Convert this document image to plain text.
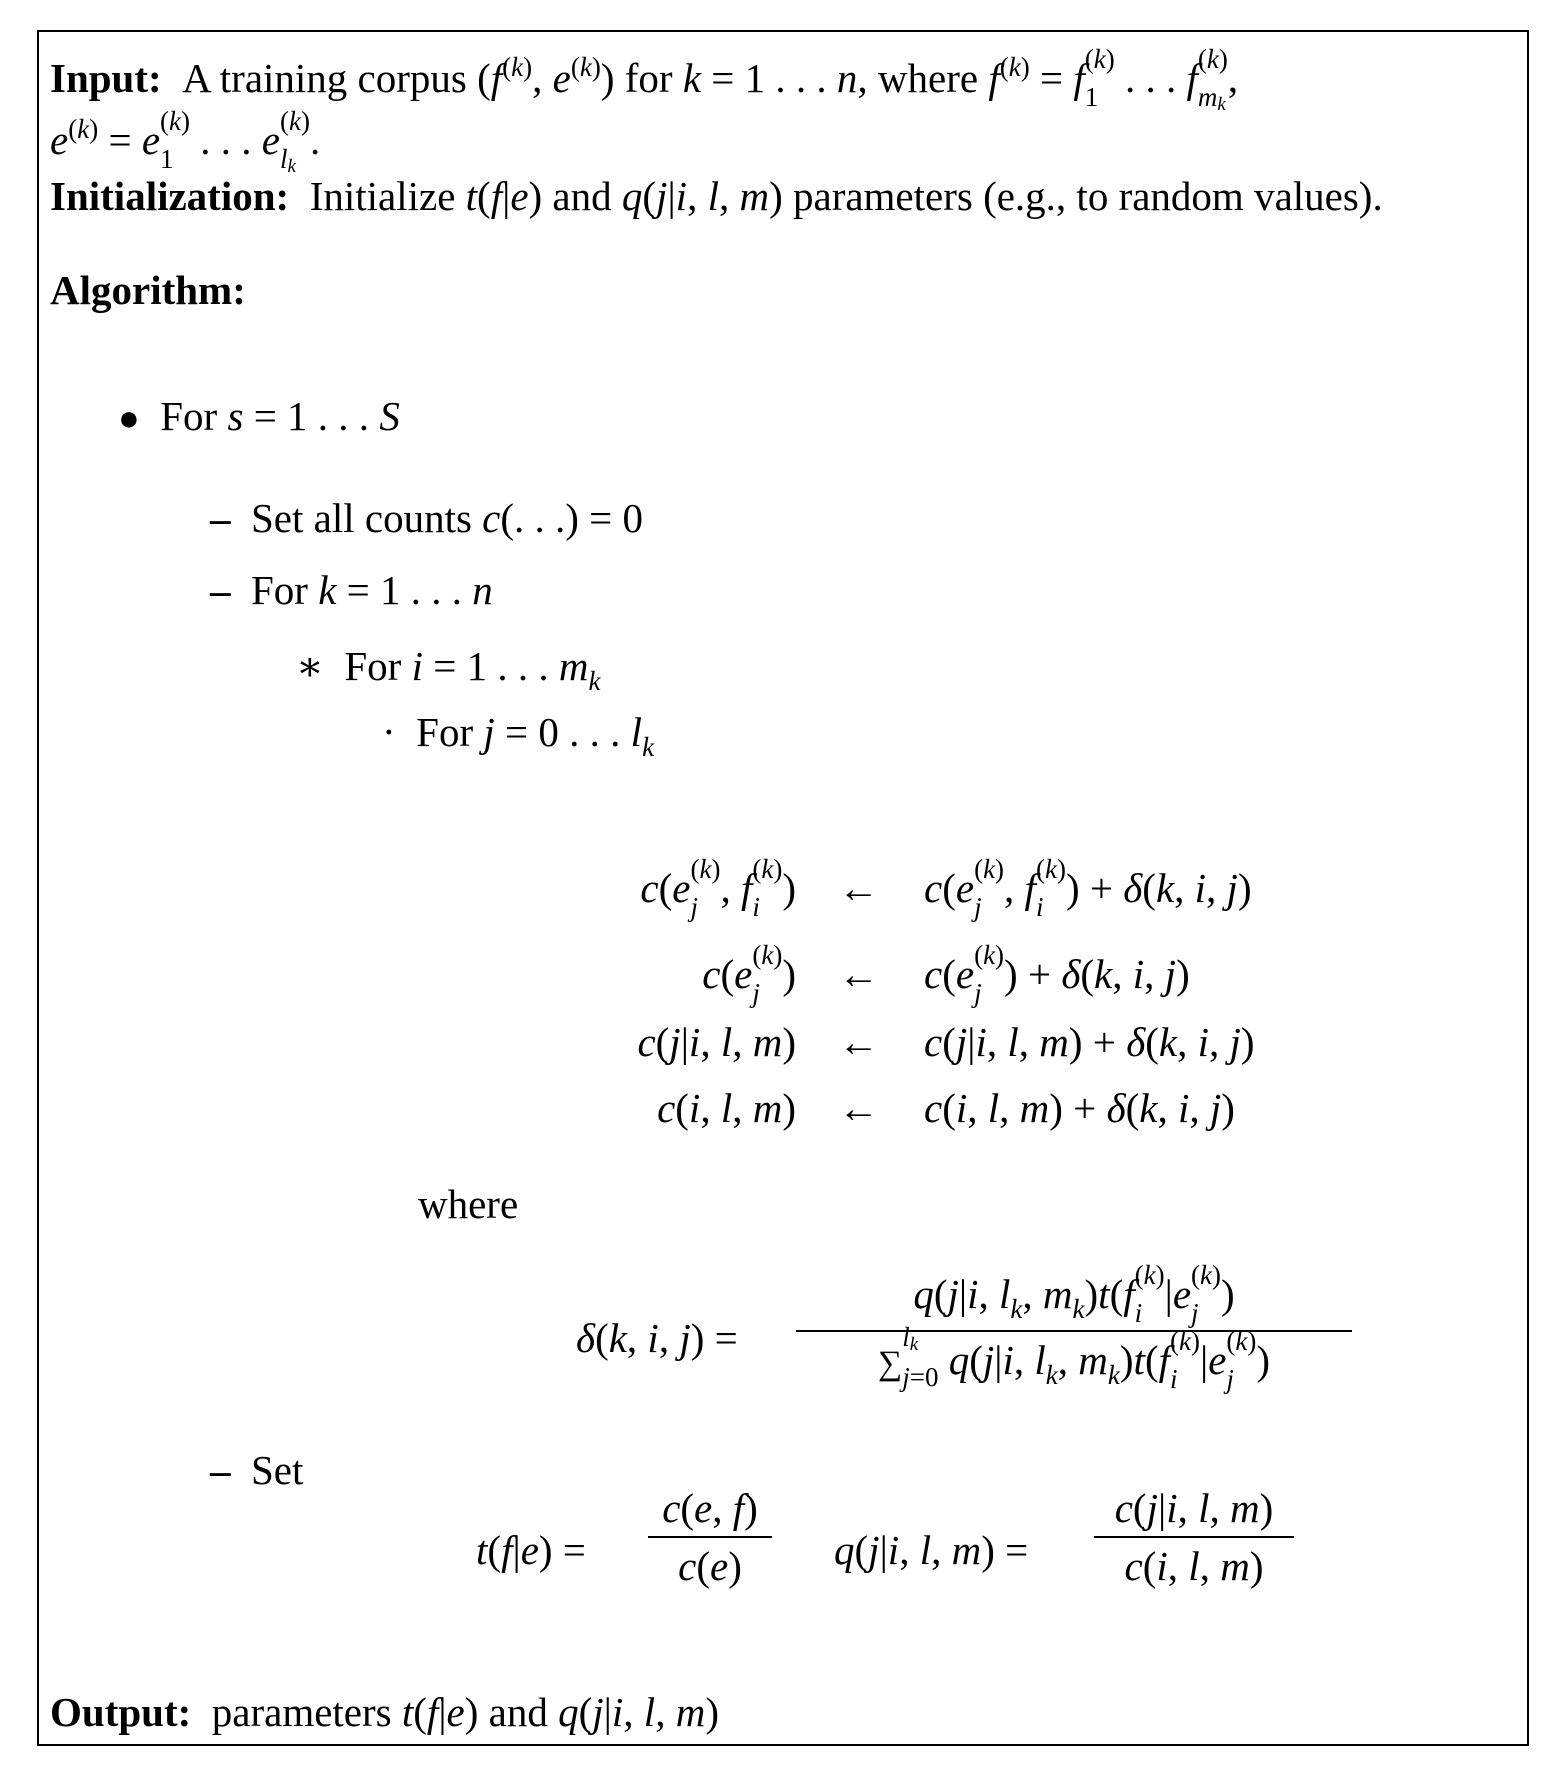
Input:  A training corpus ($f^{(k)}$, $e^{(k)}$) for k = 1 . . . n, where $f^{(k)} = f$ (k)
1 . . . f (k)
$m_k$
,
$e^{(k)} = e$ (k)
1 . . . e (k)
$l_k$
.
Initialization:  Initialize t(f|e) and q(j|i, l, m) parameters (e.g., to random values).
Algorithm:
●  For s = 1 . . . S
–  Set all counts c(. . .) = 0
–  For k = 1 . . . n
∗  For i = 1 . . . $m_k$
·  For j = 0 . . . $l_k$
c(e (k)
j , f (k)
i ) ← c(e (k)
j , f (k)
i ) + δ(k, i, j)
c(e (k)
j ) ← c(e (k)
j ) + δ(k, i, j)
c(j|i, l, m) ← c(j|i, l, m) + δ(k, i, j)
c(i, l, m) ← c(i, l, m) + δ(k, i, j)
where
δ(k, i, j) =
q(j|i, $l_k$, $m_k)t(f$ (k)
i |e (k)
j )
∑
$l_k$
j=0 q(j|i, $l_k$, $m_k)t(f$ (k)
i |e (k)
j )
– Set
t(f|e) =
c(e, f)
c(e)	q(j|i, l, m) =
c(j|i, l, m)
c(i, l, m)
Output:  parameters t(f|e) and q(j|i, l, m)
